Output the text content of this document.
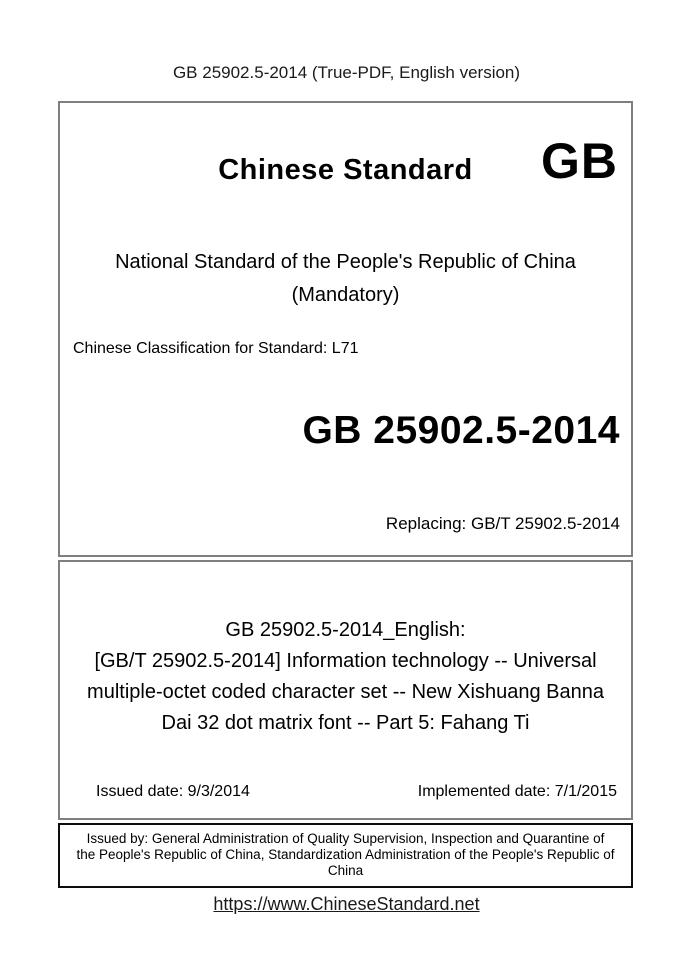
GB 25902.5-2014 (True-PDF, English version)
Chinese Standard	GB
National Standard of the People's Republic of China
(Mandatory)
Chinese Classification for Standard: L71
GB 25902.5-2014
Replacing: GB/T 25902.5-2014
GB 25902.5-2014_English:
[GB/T 25902.5-2014] Information technology -- Universal
multiple-octet coded character set -- New Xishuang Banna
Dai 32 dot matrix font -- Part 5: Fahang Ti
Issued date: 9/3/2014	Implemented date: 7/1/2015
Issued by: General Administration of Quality Supervision, Inspection and Quarantine of
the People's Republic of China, Standardization Administration of the People's Republic of
China
https://www.ChineseStandard.net
